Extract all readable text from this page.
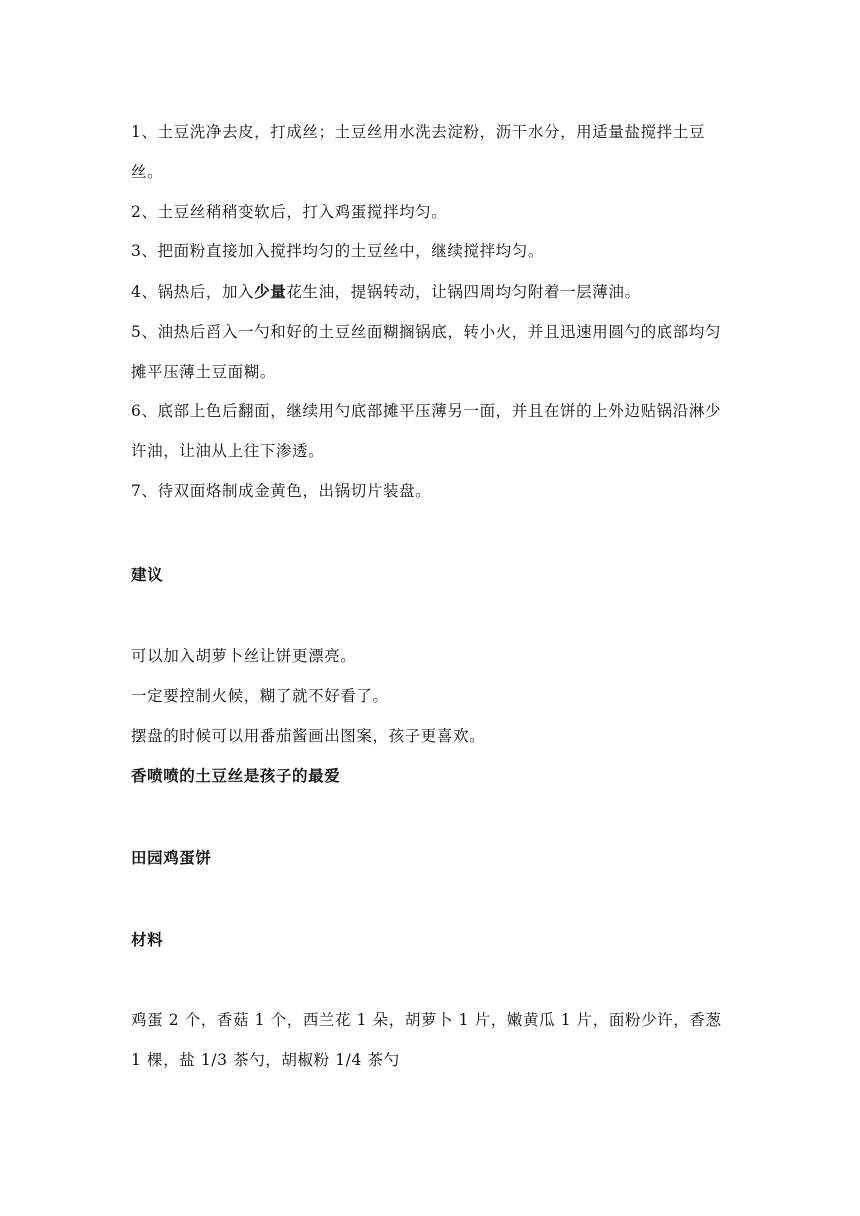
1、土豆洗净去皮，打成丝；土豆丝用水洗去淀粉，沥干水分，用适量盐搅拌土豆丝。

2、土豆丝稍稍变软后，打入鸡蛋搅拌均匀。

3、把面粉直接加入搅拌均匀的土豆丝中，继续搅拌均匀。

4、锅热后，加入少量花生油，提锅转动，让锅四周均匀附着一层薄油。

5、油热后舀入一勺和好的土豆丝面糊搁锅底，转小火，并且迅速用圆勺的底部均匀摊平压薄土豆面糊。

6、底部上色后翻面，继续用勺底部摊平压薄另一面，并且在饼的上外边贴锅沿淋少许油，让油从上往下渗透。

7、待双面烙制成金黄色，出锅切片装盘。

建议

可以加入胡萝卜丝让饼更漂亮。

一定要控制火候，糊了就不好看了。

摆盘的时候可以用番茄酱画出图案，孩子更喜欢。

香喷喷的土豆丝是孩子的最爱

田园鸡蛋饼

材料

鸡蛋 2 个，香菇 1 个，西兰花 1 朵，胡萝卜 1 片，嫩黄瓜 1 片，面粉少许，香葱 1 棵，盐 1/3 茶勺，胡椒粉 1/4 茶勺
